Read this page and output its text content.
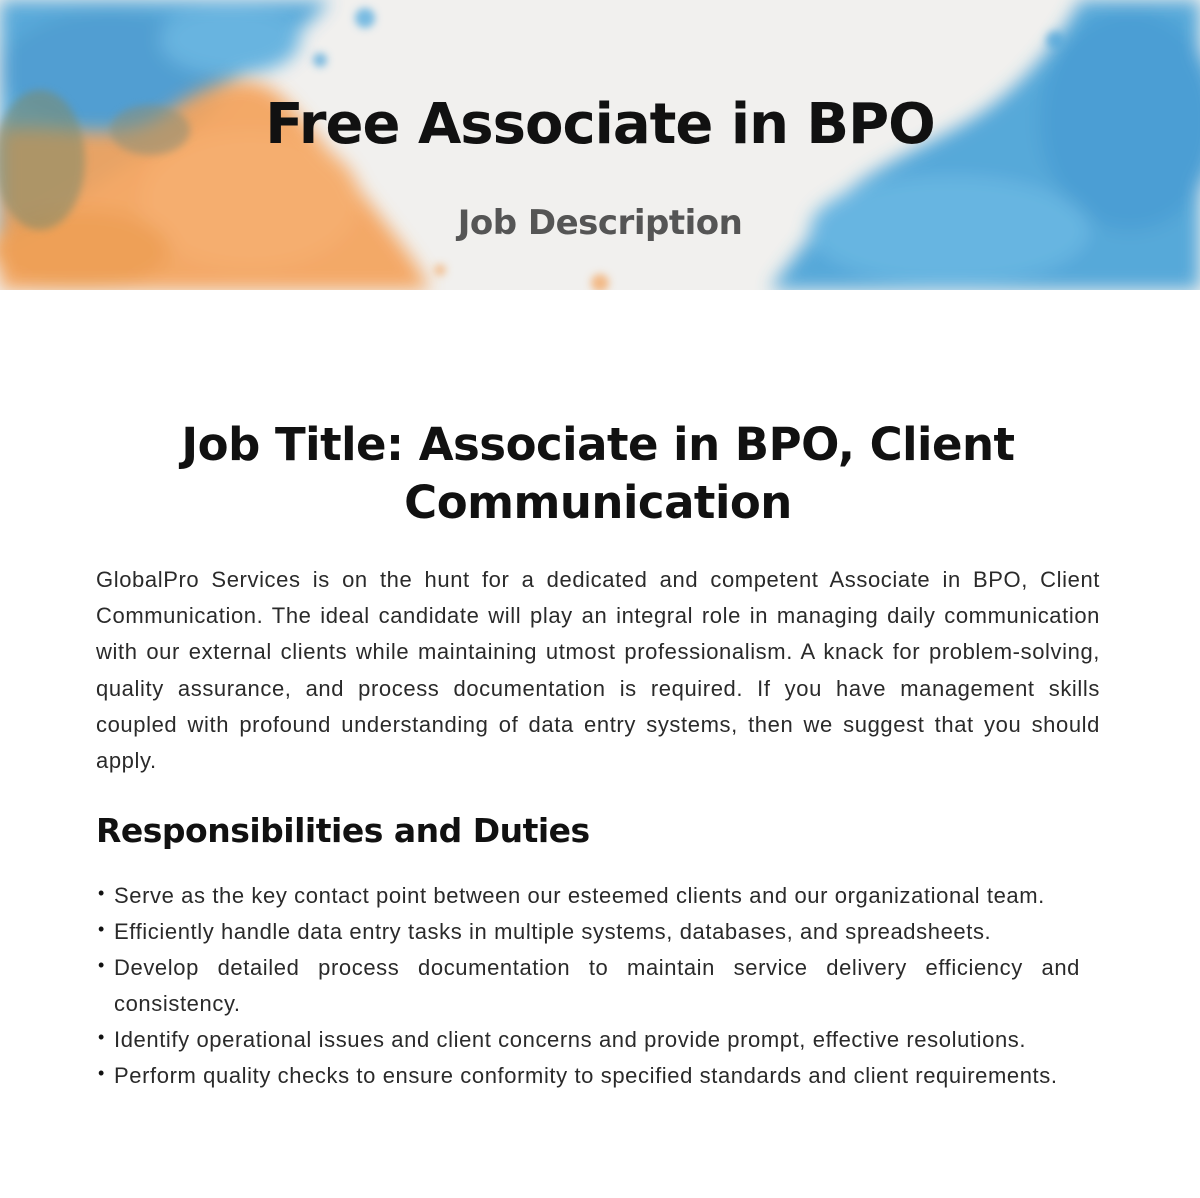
Free Associate in BPO
Job Description
Job Title: Associate in BPO, Client Communication

GlobalPro Services is on the hunt for a dedicated and competent Associate in BPO, Client Communication. The ideal candidate will play an integral role in managing daily communication with our external clients while maintaining utmost professionalism. A knack for problem-solving, quality assurance, and process documentation is required. If you have management skills coupled with profound understanding of data entry systems, then we suggest that you should apply.

Responsibilities and Duties
• Serve as the key contact point between our esteemed clients and our organizational team.
• Efficiently handle data entry tasks in multiple systems, databases, and spreadsheets.
• Develop detailed process documentation to maintain service delivery efficiency and consistency.
• Identify operational issues and client concerns and provide prompt, effective resolutions.
• Perform quality checks to ensure conformity to specified standards and client requirements.
